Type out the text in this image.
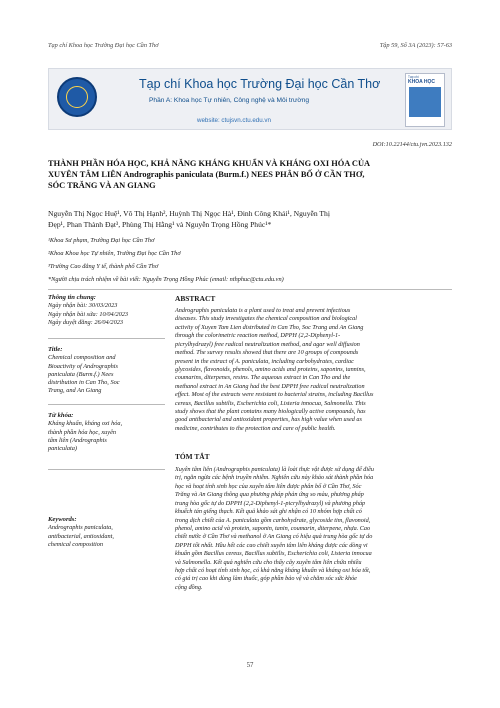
Tạp chí Khoa học Trường Đại học Cần Thơ	Tập 59, Số 3A (2023): 57-63
Tạp chí Khoa học Trường Đại học Cần Thơ
Phần A: Khoa học Tự nhiên, Công nghệ và Môi trường
website: ctujsvn.ctu.edu.vn
Tạp chí
KHOA HỌC
DOI:10.22144/ctu.jvn.2023.132
THÀNH PHẦN HÓA HỌC, KHẢ NĂNG KHÁNG KHUẨN VÀ KHÁNG OXI HÓA CỦA
XUYÊN TÂM LIÊN Andrographis paniculata (Burm.f.) NEES PHÂN BỐ Ở CẦN THƠ,
SÓC TRĂNG VÀ AN GIANG
Nguyễn Thị Ngọc Huệ¹, Võ Thị Hạnh², Huỳnh Thị Ngọc Hà¹, Đinh Công Khải¹, Nguyễn Thị
Đẹp¹, Phan Thành Đạt³, Phùng Thị Hằng¹ và Nguyễn Trọng Hồng Phúc¹*
¹Khoa Sư phạm, Trường Đại học Cần Thơ
²Khoa Khoa học Tự nhiên, Trường Đại học Cần Thơ
³Trường Cao đẳng Y tế, thành phố Cần Thơ
*Người chịu trách nhiệm về bài viết: Nguyễn Trọng Hồng Phúc (email: nthphuc@ctu.edu.vn)
Thông tin chung:
Ngày nhận bài: 30/03/2023
Ngày nhận bài sửa: 10/04/2023
Ngày duyệt đăng: 26/04/2023
Title:
Chemical composition and
Bioactivity of Andrographis
paniculata (Burm.f.) Nees
distribution in Can Tho, Soc
Trang, and An Giang
Từ khóa:
Kháng khuẩn, kháng oxi hóa,
thành phần hóa học, xuyên
tâm liên (Andrographis
paniculata)
Keywords:
Andrographis paniculata,
antibacterial, antioxidant,
chemical composition
ABSTRACT
Andrographis paniculata is a plant used to treat and prevent infectious
diseases. This study investigates the chemical composition and biological
activity of Xuyen Tam Lien distributed in Can Tho, Soc Trang and An Giang
through the colorimetric reaction method, DPPH (2,2-Diphenyl-1-
picrylhydrazyl) free radical neutralization method, and agar well diffusion
method. The survey results showed that there are 10 groups of compounds
present in the extract of A. paniculata, including carbohydrates, cardiac
glycosides, flavonoids, phenols, amino acids and proteins, saponins, tannins,
coumarins, diterpenes, resins. The aqueous extract in Can Tho and the
methanol extract in An Giang had the best DPPH free radical neutralization
effect. Most of the extracts were resistant to bacterial strains, including Bacillus
cereus, Bacillus subtilis, Escherichia coli, Listeria innocua, Salmonella. This
study shows that the plant contains many biologically active compounds, has
good antibacterial and antioxidant properties, has high value when used as
medicine, contributes to the protection and care of public health.
TÓM TẮT
Xuyên tâm liên (Andrographis paniculata) là loài thực vật được sử dụng để điều
trị, ngăn ngừa các bệnh truyền nhiễm. Nghiên cứu này khảo sát thành phần hóa
học và hoạt tính sinh học của xuyên tâm liên được phân bố ở Cần Thơ, Sóc
Trăng và An Giang thông qua phương pháp phản ứng so màu, phương pháp
trung hòa gốc tự do DPPH (2,2-Diphenyl-1-picrylhydrazyl) và phương pháp
khuếch tán giếng thạch. Kết quả khảo sát ghi nhận có 10 nhóm hợp chất có
trong dịch chiết của A. paniculata gồm carbohydrate, glycoside tim, flavonoid,
phenol, amino acid và protein, saponin, tanin, coumarin, diterpene, nhựa. Cao
chiết nước ở Cần Thơ và methanol ở An Giang có hiệu quả trung hòa gốc tự do
DPPH tốt nhất. Hầu hết các cao chiết xuyên tâm liên kháng được các dòng vi
khuẩn gồm Bacillus cereus, Bacillus subtilis, Escherichia coli, Listeria innocua
và Salmonella. Kết quả nghiên cứu cho thấy cây xuyên tâm liên chứa nhiều
hợp chất có hoạt tính sinh học, có khả năng kháng khuẩn và kháng oxi hóa tốt,
có giá trị cao khi dùng làm thuốc, góp phần bảo vệ và chăm sóc sức khỏe
cộng đồng.
57
